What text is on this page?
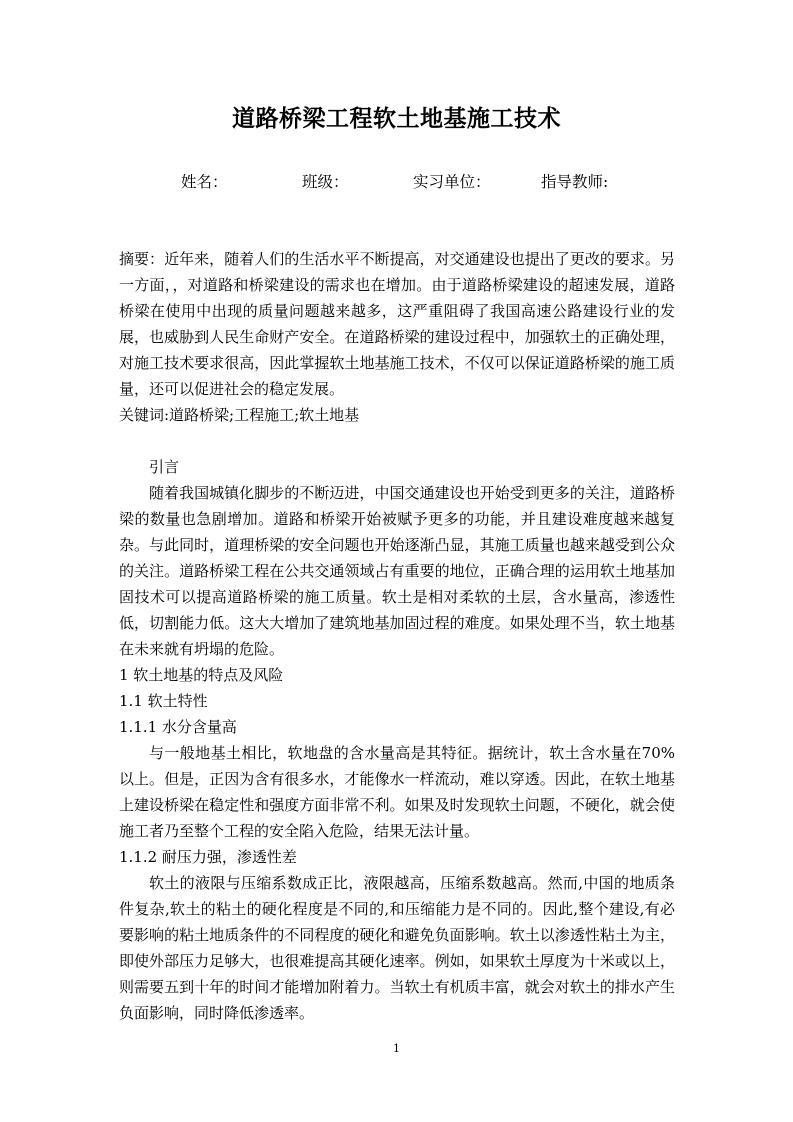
道路桥梁工程软土地基施工技术
姓名：	班级：	实习单位：	指导教师:

摘要：近年来，随着人们的生活水平不断提高，对交通建设也提出了更改的要求。另一方面，，对道路和桥梁建设的需求也在增加。由于道路桥梁建设的超速发展，道路桥梁在使用中出现的质量问题越来越多，这严重阻碍了我国高速公路建设行业的发展，也威胁到人民生命财产安全。在道路桥梁的建设过程中，加强软土的正确处理，对施工技术要求很高，因此掌握软土地基施工技术，不仅可以保证道路桥梁的施工质量，还可以促进社会的稳定发展。

关键词:道路桥梁;工程施工;软土地基

引言

随着我国城镇化脚步的不断迈进，中国交通建设也开始受到更多的关注，道路桥梁的数量也急剧增加。道路和桥梁开始被赋予更多的功能，并且建设难度越来越复杂。与此同时，道理桥梁的安全问题也开始逐渐凸显，其施工质量也越来越受到公众的关注。道路桥梁工程在公共交通领域占有重要的地位，正确合理的运用软土地基加固技术可以提高道路桥梁的施工质量。软土是相对柔软的土层，含水量高，渗透性低，切割能力低。这大大增加了建筑地基加固过程的难度。如果处理不当，软土地基在未来就有坍塌的危险。

1 软土地基的特点及风险

1.1 软土特性

1.1.1 水分含量高

与一般地基土相比，软地盘的含水量高是其特征。据统计，软土含水量在70%以上。但是，正因为含有很多水，才能像水一样流动，难以穿透。因此，在软土地基上建设桥梁在稳定性和强度方面非常不利。如果及时发现软土问题，不硬化，就会使施工者乃至整个工程的安全陷入危险，结果无法计量。

1.1.2 耐压力强，渗透性差

软土的液限与压缩系数成正比，液限越高，压缩系数越高。然而,中国的地质条件复杂,软土的粘土的硬化程度是不同的,和压缩能力是不同的。因此,整个建设,有必要影响的粘土地质条件的不同程度的硬化和避免负面影响。软土以渗透性粘土为主，即使外部压力足够大，也很难提高其硬化速率。例如，如果软土厚度为十米或以上，则需要五到十年的时间才能增加附着力。当软土有机质丰富，就会对软土的排水产生负面影响，同时降低渗透率。

1
